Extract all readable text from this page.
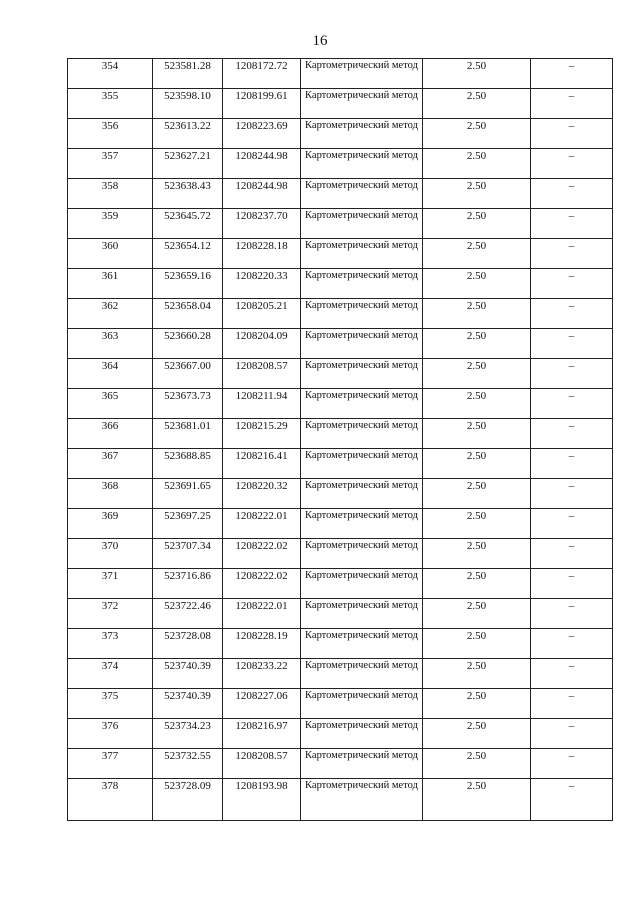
16
354	523581.28	1208172.72	Картометрический метод	2.50	–
355	523598.10	1208199.61	Картометрический метод	2.50	–
356	523613.22	1208223.69	Картометрический метод	2.50	–
357	523627.21	1208244.98	Картометрический метод	2.50	–
358	523638.43	1208244.98	Картометрический метод	2.50	–
359	523645.72	1208237.70	Картометрический метод	2.50	–
360	523654.12	1208228.18	Картометрический метод	2.50	–
361	523659.16	1208220.33	Картометрический метод	2.50	–
362	523658.04	1208205.21	Картометрический метод	2.50	–
363	523660.28	1208204.09	Картометрический метод	2.50	–
364	523667.00	1208208.57	Картометрический метод	2.50	–
365	523673.73	1208211.94	Картометрический метод	2.50	–
366	523681.01	1208215.29	Картометрический метод	2.50	–
367	523688.85	1208216.41	Картометрический метод	2.50	–
368	523691.65	1208220.32	Картометрический метод	2.50	–
369	523697.25	1208222.01	Картометрический метод	2.50	–
370	523707.34	1208222.02	Картометрический метод	2.50	–
371	523716.86	1208222.02	Картометрический метод	2.50	–
372	523722.46	1208222.01	Картометрический метод	2.50	–
373	523728.08	1208228.19	Картометрический метод	2.50	–
374	523740.39	1208233.22	Картометрический метод	2.50	–
375	523740.39	1208227.06	Картометрический метод	2.50	–
376	523734.23	1208216.97	Картометрический метод	2.50	–
377	523732.55	1208208.57	Картометрический метод	2.50	–
378	523728.09	1208193.98	Картометрический метод	2.50	–
